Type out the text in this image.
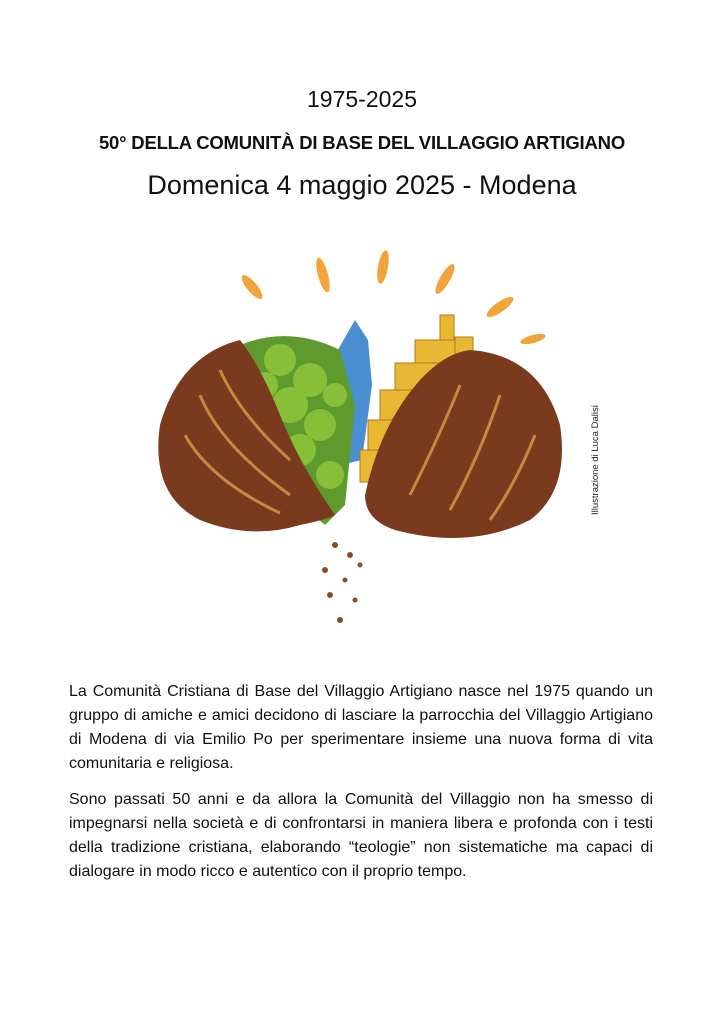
1975-2025
50° DELLA COMUNITÀ DI BASE DEL VILLAGGIO ARTIGIANO
Domenica 4 maggio 2025 - Modena
Illustrazione di Luca Dalisi

La Comunità Cristiana di Base del Villaggio Artigiano nasce nel 1975 quando un gruppo di amiche e amici decidono di lasciare la parrocchia del Villaggio Artigiano di Modena di via Emilio Po per sperimentare insieme una nuova forma di vita comunitaria e religiosa.

Sono passati 50 anni e da allora la Comunità del Villaggio non ha smesso di impegnarsi nella società e di confrontarsi in maniera libera e profonda con i testi della tradizione cristiana, elaborando “teologie” non sistematiche ma capaci di dialogare in modo ricco e autentico con il proprio tempo.
